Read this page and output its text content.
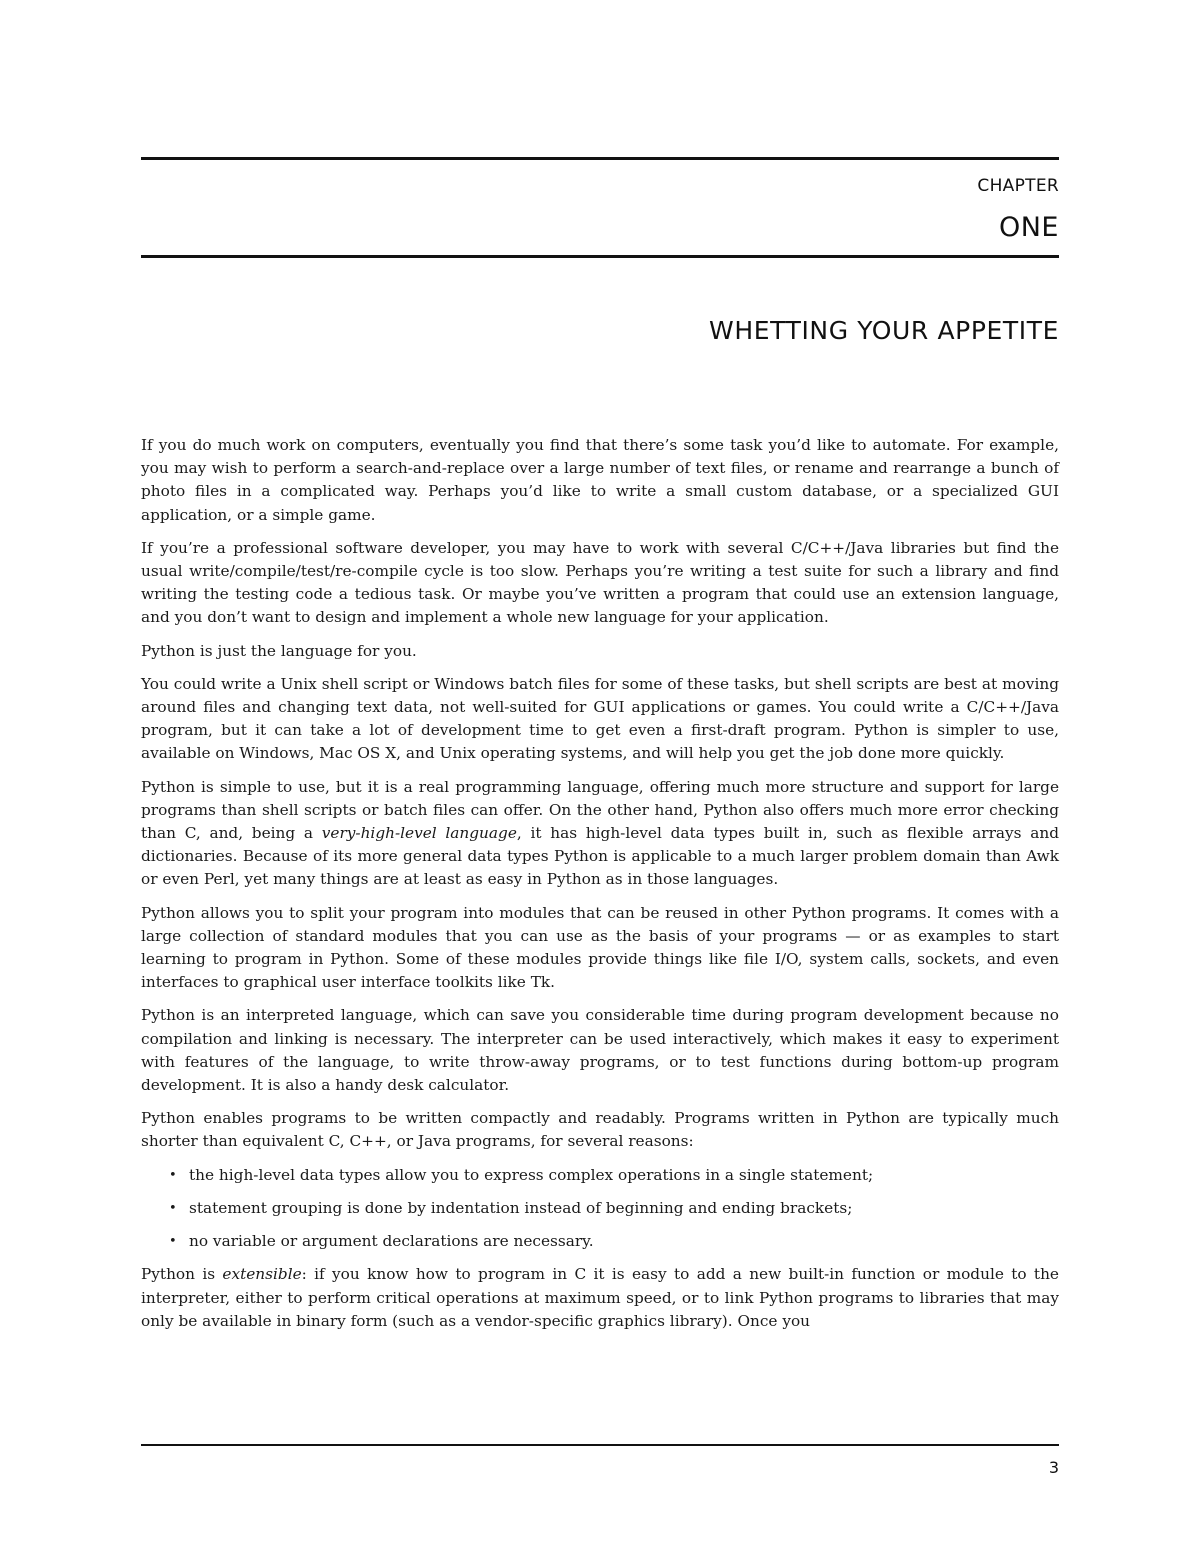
CHAPTER
ONE
WHETTING YOUR APPETITE

If you do much work on computers, eventually you find that there’s some task you’d like to automate. For example, you may wish to perform a search-and-replace over a large number of text files, or rename and rearrange a bunch of photo files in a complicated way. Perhaps you’d like to write a small custom database, or a specialized GUI application, or a simple game.

If you’re a professional software developer, you may have to work with several C/C++/Java libraries but find the usual write/compile/test/re-compile cycle is too slow. Perhaps you’re writing a test suite for such a library and find writing the testing code a tedious task. Or maybe you’ve written a program that could use an extension language, and you don’t want to design and implement a whole new language for your application.

Python is just the language for you.

You could write a Unix shell script or Windows batch files for some of these tasks, but shell scripts are best at moving around files and changing text data, not well-suited for GUI applications or games. You could write a C/C++/Java program, but it can take a lot of development time to get even a first-draft program. Python is simpler to use, available on Windows, Mac OS X, and Unix operating systems, and will help you get the job done more quickly.

Python is simple to use, but it is a real programming language, offering much more structure and support for large programs than shell scripts or batch files can offer. On the other hand, Python also offers much more error checking than C, and, being a very-high-level language, it has high-level data types built in, such as flexible arrays and dictionaries. Because of its more general data types Python is applicable to a much larger problem domain than Awk or even Perl, yet many things are at least as easy in Python as in those languages.

Python allows you to split your program into modules that can be reused in other Python programs. It comes with a large collection of standard modules that you can use as the basis of your programs — or as examples to start learning to program in Python. Some of these modules provide things like file I/O, system calls, sockets, and even interfaces to graphical user interface toolkits like Tk.

Python is an interpreted language, which can save you considerable time during program development because no compilation and linking is necessary. The interpreter can be used interactively, which makes it easy to experiment with features of the language, to write throw-away programs, or to test functions during bottom-up program development. It is also a handy desk calculator.

Python enables programs to be written compactly and readably. Programs written in Python are typically much shorter than equivalent C, C++, or Java programs, for several reasons:

• the high-level data types allow you to express complex operations in a single statement;
• statement grouping is done by indentation instead of beginning and ending brackets;
• no variable or argument declarations are necessary.

Python is extensible: if you know how to program in C it is easy to add a new built-in function or module to the interpreter, either to perform critical operations at maximum speed, or to link Python programs to libraries that may only be available in binary form (such as a vendor-specific graphics library). Once you

3
